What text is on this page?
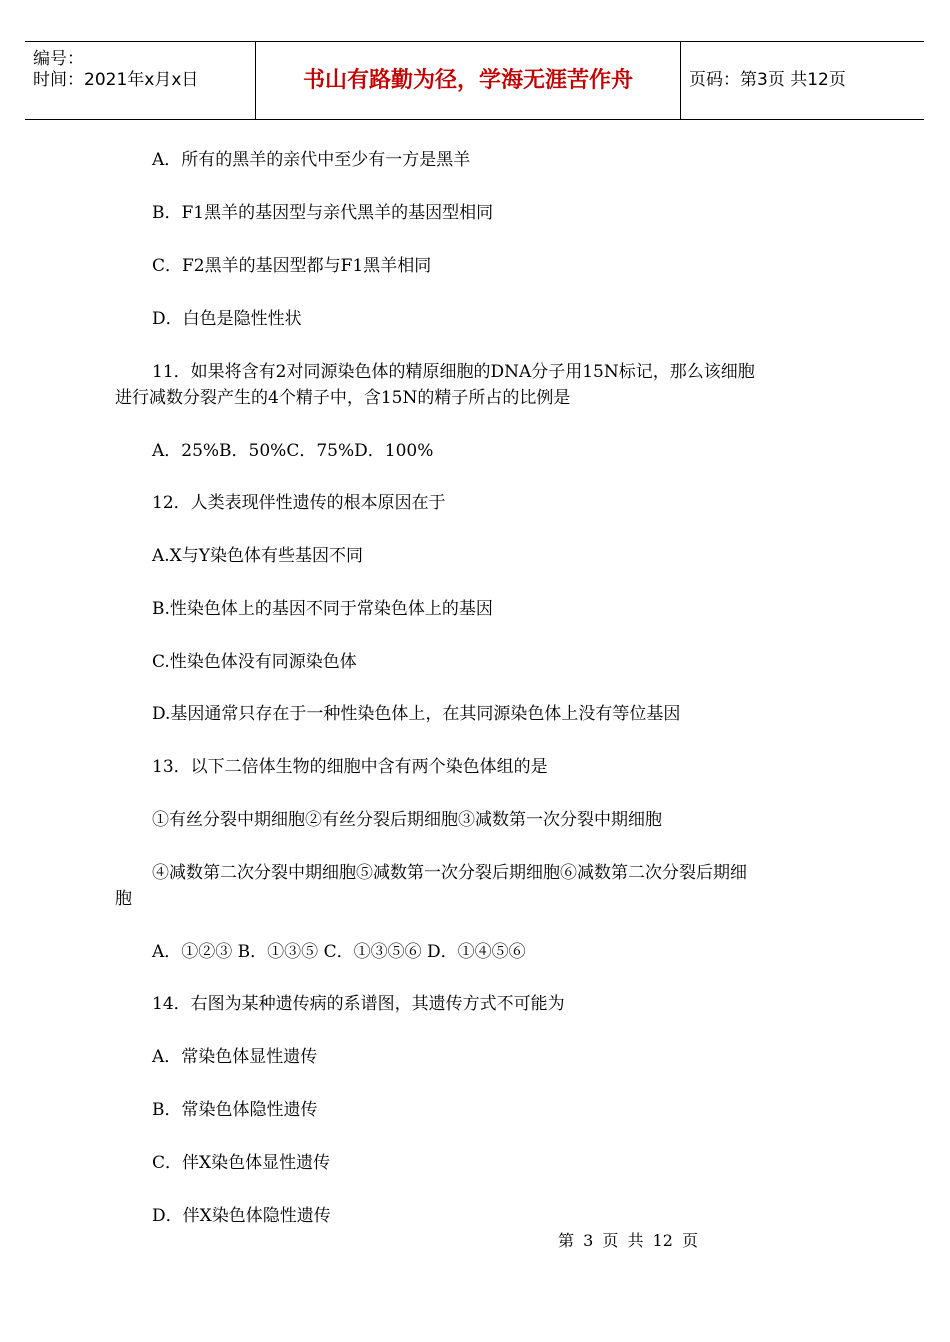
编号：
时间：2021年x月x日	书山有路勤为径，学海无涯苦作舟	页码：第3页 共12页
A．所有的黑羊的亲代中至少有一方是黑羊
B．F1黑羊的基因型与亲代黑羊的基因型相同
C．F2黑羊的基因型都与F1黑羊相同
D．白色是隐性性状
11．如果将含有2对同源染色体的精原细胞的DNA分子用15N标记，那么该细胞
进行减数分裂产生的4个精子中，含15N的精子所占的比例是
A．25%B．50%C．75%D．100%
12．人类表现伴性遗传的根本原因在于
A.X与Y染色体有些基因不同
B.性染色体上的基因不同于常染色体上的基因
C.性染色体没有同源染色体
D.基因通常只存在于一种性染色体上，在其同源染色体上没有等位基因
13．以下二倍体生物的细胞中含有两个染色体组的是
①有丝分裂中期细胞②有丝分裂后期细胞③减数第一次分裂中期细胞
④减数第二次分裂中期细胞⑤减数第一次分裂后期细胞⑥减数第二次分裂后期细
胞
A．①②③ B．①③⑤ C．①③⑤⑥ D．①④⑤⑥
14．右图为某种遗传病的系谱图，其遗传方式不可能为
A．常染色体显性遗传
B．常染色体隐性遗传
C．伴X染色体显性遗传
D．伴X染色体隐性遗传
第 3 页 共 12 页
